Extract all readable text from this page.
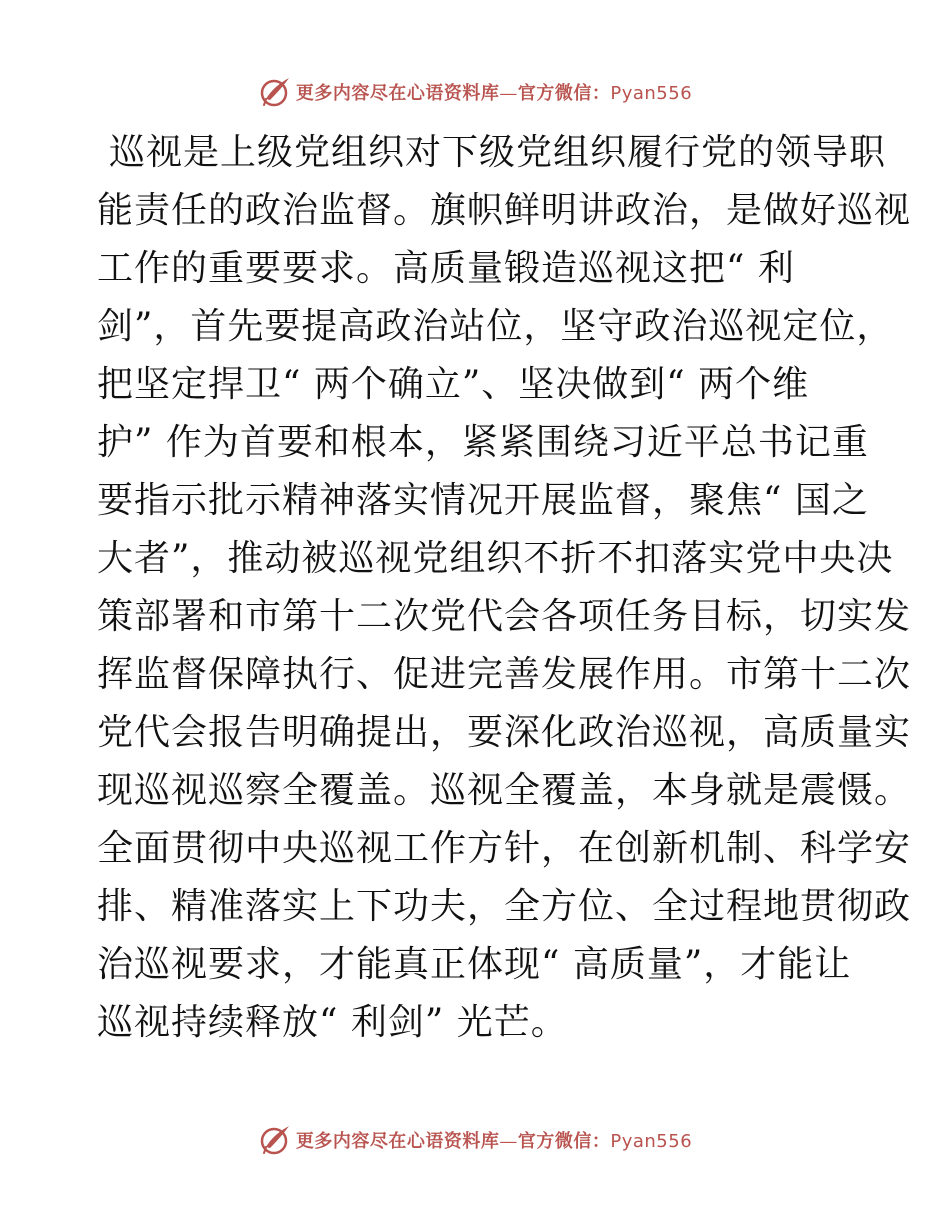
更多内容尽在心语资料库—官方微信：Pyan556
巡视是上级党组织对下级党组织履行党的领导职
能责任的政治监督。旗帜鲜明讲政治，是做好巡视
工作的重要要求。高质量锻造巡视这把“ 利
剑”，首先要提高政治站位，坚守政治巡视定位，
把坚定捍卫“ 两个确立”、坚决做到“ 两个维
护” 作为首要和根本，紧紧围绕习近平总书记重
要指示批示精神落实情况开展监督，聚焦“ 国之
大者”，推动被巡视党组织不折不扣落实党中央决
策部署和市第十二次党代会各项任务目标，切实发
挥监督保障执行、促进完善发展作用。市第十二次
党代会报告明确提出，要深化政治巡视，高质量实
现巡视巡察全覆盖。巡视全覆盖，本身就是震慑。
全面贯彻中央巡视工作方针，在创新机制、科学安
排、精准落实上下功夫，全方位、全过程地贯彻政
治巡视要求，才能真正体现“ 高质量”，才能让
巡视持续释放“ 利剑” 光芒。
更多内容尽在心语资料库—官方微信：Pyan556
